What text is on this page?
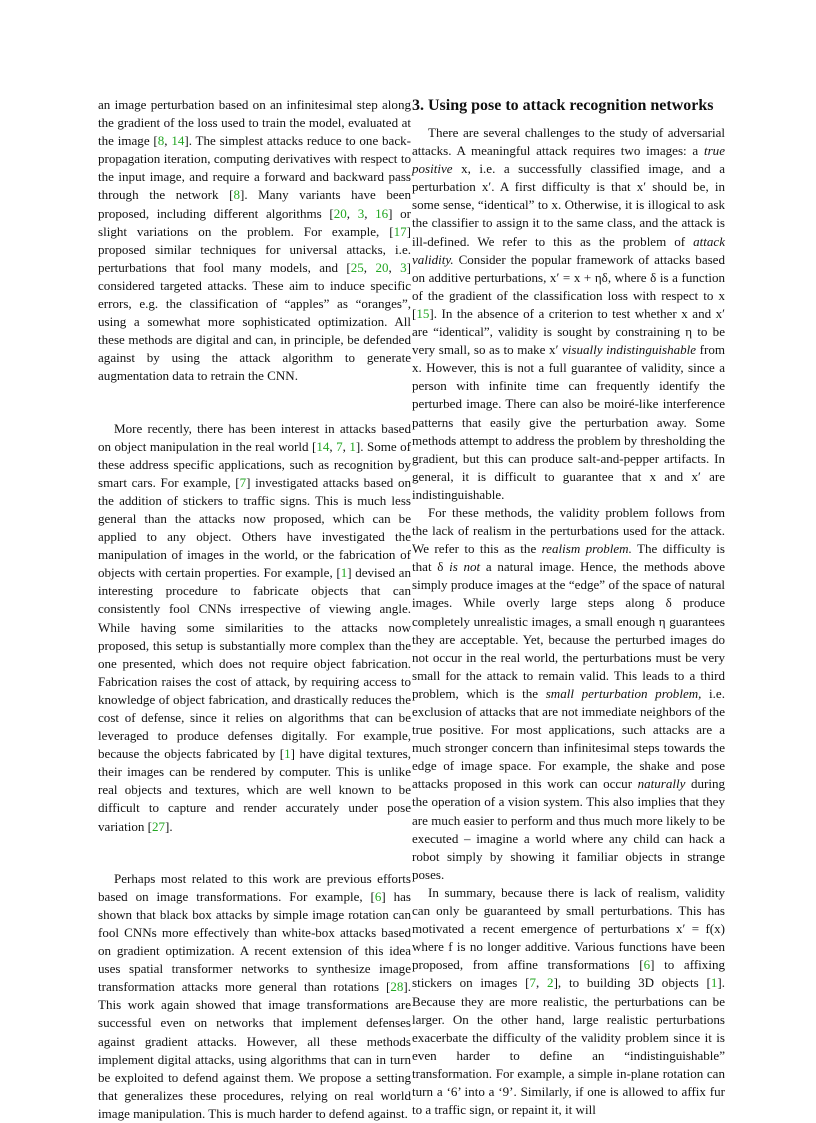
an image perturbation based on an infinitesimal step along the gradient of the loss used to train the model, evaluated at the image [8, 14]. The simplest attacks reduce to one back-propagation iteration, computing derivatives with respect to the input image, and require a forward and backward pass through the network [8]. Many variants have been proposed, including different algorithms [20, 3, 16] or slight variations on the problem. For example, [17] proposed similar techniques for universal attacks, i.e. perturbations that fool many models, and [25, 20, 3] considered targeted attacks. These aim to induce specific errors, e.g. the classification of “apples” as “oranges”, using a somewhat more sophisticated optimization. All these methods are digital and can, in principle, be defended against by using the attack algorithm to generate augmentation data to retrain the CNN.

More recently, there has been interest in attacks based on object manipulation in the real world [14, 7, 1]. Some of these address specific applications, such as recognition by smart cars. For example, [7] investigated attacks based on the addition of stickers to traffic signs. This is much less general than the attacks now proposed, which can be applied to any object. Others have investigated the manipulation of images in the world, or the fabrication of objects with certain properties. For example, [1] devised an interesting procedure to fabricate objects that can consistently fool CNNs irrespective of viewing angle. While having some similarities to the attacks now proposed, this setup is substantially more complex than the one presented, which does not require object fabrication. Fabrication raises the cost of attack, by requiring access to knowledge of object fabrication, and drastically reduces the cost of defense, since it relies on algorithms that can be leveraged to produce defenses digitally. For example, because the objects fabricated by [1] have digital textures, their images can be rendered by computer. This is unlike real objects and textures, which are well known to be difficult to capture and render accurately under pose variation [27].

Perhaps most related to this work are previous efforts based on image transformations. For example, [6] has shown that black box attacks by simple image rotation can fool CNNs more effectively than white-box attacks based on gradient optimization. A recent extension of this idea uses spatial transformer networks to synthesize image transformation attacks more general than rotations [28]. This work again showed that image transformations are successful even on networks that implement defenses against gradient attacks. However, all these methods implement digital attacks, using algorithms that can in turn be exploited to defend against them. We propose a setting that generalizes these procedures, relying on real world image manipulation. This is much harder to defend against.

3. Using pose to attack recognition networks

There are several challenges to the study of adversarial attacks. A meaningful attack requires two images: a true positive x, i.e. a successfully classified image, and a perturbation x′. A first difficulty is that x′ should be, in some sense, “identical” to x. Otherwise, it is illogical to ask the classifier to assign it to the same class, and the attack is ill-defined. We refer to this as the problem of attack validity. Consider the popular framework of attacks based on additive perturbations, x′ = x + ηδ, where δ is a function of the gradient of the classification loss with respect to x [15]. In the absence of a criterion to test whether x and x′ are “identical”, validity is sought by constraining η to be very small, so as to make x′ visually indistinguishable from x. However, this is not a full guarantee of validity, since a person with infinite time can frequently identify the perturbed image. There can also be moiré-like interference patterns that easily give the perturbation away. Some methods attempt to address the problem by thresholding the gradient, but this can produce salt-and-pepper artifacts. In general, it is difficult to guarantee that x and x′ are indistinguishable.

For these methods, the validity problem follows from the lack of realism in the perturbations used for the attack. We refer to this as the realism problem. The difficulty is that δ is not a natural image. Hence, the methods above simply produce images at the “edge” of the space of natural images. While overly large steps along δ produce completely unrealistic images, a small enough η guarantees they are acceptable. Yet, because the perturbed images do not occur in the real world, the perturbations must be very small for the attack to remain valid. This leads to a third problem, which is the small perturbation problem, i.e. exclusion of attacks that are not immediate neighbors of the true positive. For most applications, such attacks are a much stronger concern than infinitesimal steps towards the edge of image space. For example, the shake and pose attacks proposed in this work can occur naturally during the operation of a vision system. This also implies that they are much easier to perform and thus much more likely to be executed – imagine a world where any child can hack a robot simply by showing it familiar objects in strange poses.

In summary, because there is lack of realism, validity can only be guaranteed by small perturbations. This has motivated a recent emergence of perturbations x′ = f(x) where f is no longer additive. Various functions have been proposed, from affine transformations [6] to affixing stickers on images [7, 2], to building 3D objects [1]. Because they are more realistic, the perturbations can be larger. On the other hand, large realistic perturbations exacerbate the difficulty of the validity problem since it is even harder to define an “indistinguishable” transformation. For example, a simple in-plane rotation can turn a ‘6’ into a ‘9’. Similarly, if one is allowed to affix fur to a traffic sign, or repaint it, it will
